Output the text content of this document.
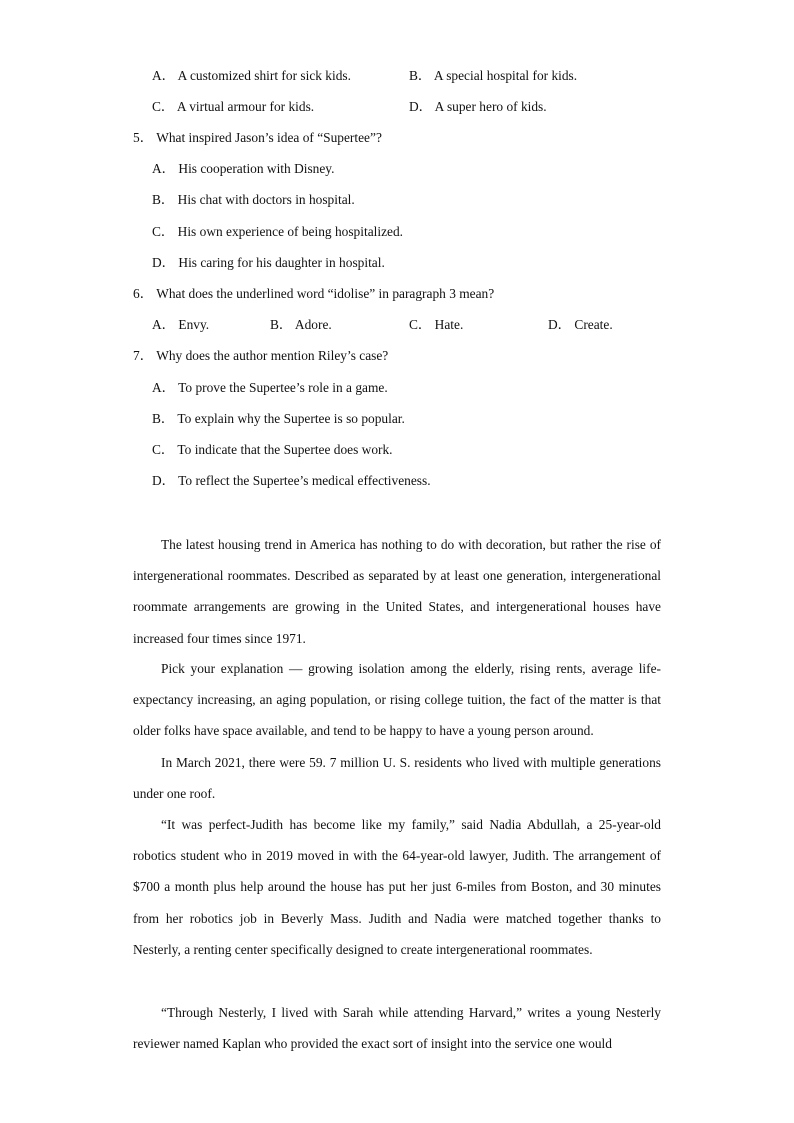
A． A customized shirt for sick kids.	B． A special hospital for kids.
C． A virtual armour for kids.	D． A super hero of kids.
5． What inspired Jason’s idea of “Supertee”?
A． His cooperation with Disney.
B． His chat with doctors in hospital.
C． His own experience of being hospitalized.
D． His caring for his daughter in hospital.
6． What does the underlined word “idolise” in paragraph 3 mean?
A． Envy.	B． Adore.	C． Hate.	D． Create.
7． Why does the author mention Riley’s case?
A． To prove the Supertee’s role in a game.
B． To explain why the Supertee is so popular.
C． To indicate that the Supertee does work.
D． To reflect the Supertee’s medical effectiveness.
The latest housing trend in America has nothing to do with decoration, but rather the rise of intergenerational roommates. Described as separated by at least one generation, intergenerational roommate arrangements are growing in the United States, and intergenerational houses have increased four times since 1971.
Pick your explanation — growing isolation among the elderly, rising rents, average life-expectancy increasing, an aging population, or rising college tuition, the fact of the matter is that older folks have space available, and tend to be happy to have a young person around.
In March 2021, there were 59. 7 million U. S. residents who lived with multiple generations under one roof.
“It was perfect-Judith has become like my family,” said Nadia Abdullah, a 25-year-old robotics student who in 2019 moved in with the 64-year-old lawyer, Judith. The arrangement of $700 a month plus help around the house has put her just 6-miles from Boston, and 30 minutes from her robotics job in Beverly Mass. Judith and Nadia were matched together thanks to Nesterly, a renting center specifically designed to create intergenerational roommates.
“Through Nesterly, I lived with Sarah while attending Harvard,” writes a young Nesterly reviewer named Kaplan who provided the exact sort of insight into the service one would
